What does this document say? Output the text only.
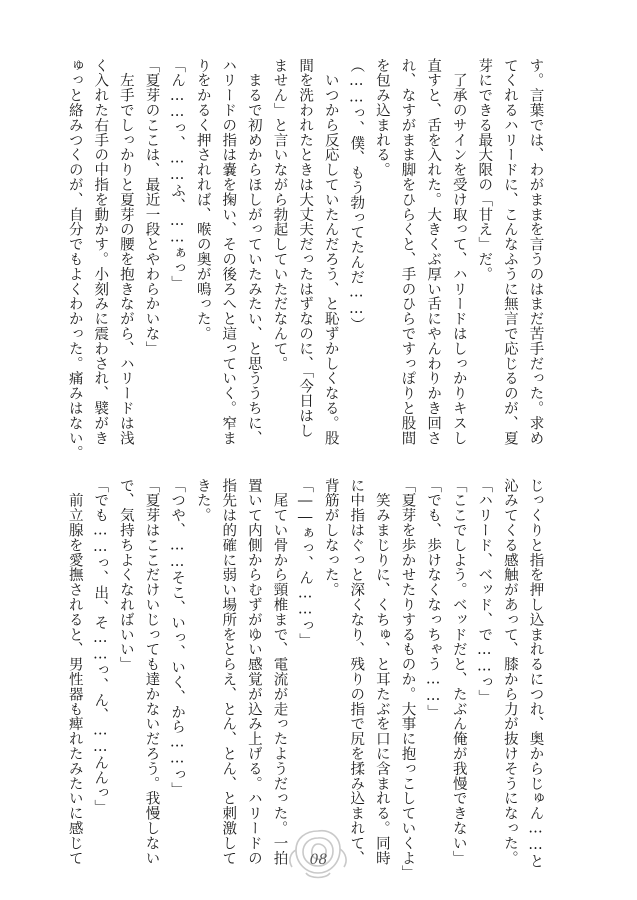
す。言葉では、わがままを言うのはまだ苦手だった。求め
てくれるハリードに、こんなふうに無言で応じるのが、夏
芽にできる最大限の「甘え」だ。
　了承のサインを受け取って、ハリードはしっかりキスし
直すと、舌を入れた。大きくぶ厚い舌にやんわりかき回さ
れ、なすがまま脚をひらくと、手のひらですっぽりと股間
を包み込まれる。
（……っ、僕、もう勃ってたんだ……）
　いつから反応していたんだろう、と恥ずかしくなる。股
間を洗われたときは大丈夫だったはずなのに、「今日はし
ません」と言いながら勃起していただなんて。
　まるで初めからほしがっていたみたい、と思ううちに、
ハリードの指は嚢を掬い、その後ろへと這っていく。窄ま
りをかるく押されれば、喉の奥が鳴った。
「ん……っ、……ふ、……ぁっ」
「夏芽のここは、最近一段とやわらかいな」
　左手でしっかりと夏芽の腰を抱きながら、ハリードは浅
く入れた右手の中指を動かす。小刻みに震わされ、襞がき
ゅっと絡みつくのが、自分でもよくわかった。痛みはない。
じっくりと指を押し込まれるにつれ、奥からじゅん……と
沁みてくる感触があって、膝から力が抜けそうになった。
「ハリード、ベッド、で……っ」
「ここでしよう。ベッドだと、たぶん俺が我慢できない」
「でも、歩けなくなっちゃう……」
「夏芽を歩かせたりするものか。大事に抱っこしていくよ」
　笑みまじりに、くちゅ、と耳たぶを口に含まれる。同時
に中指はぐっと深くなり、残りの指で尻を揉み込まれて、
背筋がしなった。
「――ぁっ、ん……っ」
　尾てい骨から頸椎まで、電流が走ったようだった。一拍
置いて内側からむずがゆい感覚が込み上げる。ハリードの
指先は的確に弱い場所をとらえ、とん、とん、と刺激して
きた。
「つや、……そこ、いっ、いく、から……っ」
「夏芽はここだけいじっても達かないだろう。我慢しない
で、気持ちよくなればいい」
「でも……っ、出、そ……っ、ん、……んんっ」
　前立腺を愛撫されると、男性器も痺れたみたいに感じて	08
